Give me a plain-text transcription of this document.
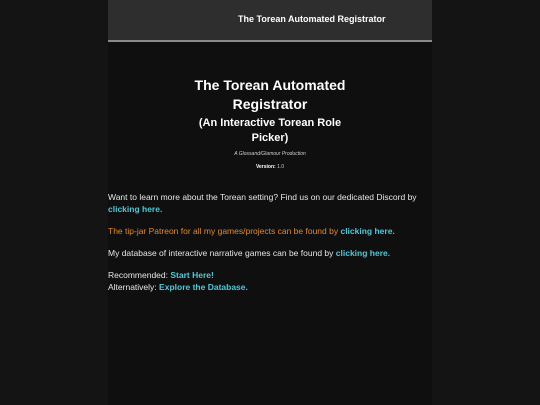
The Torean Automated Registrator

The Torean Automated
Registrator

(An Interactive Torean Role
Picker)

A Glossand/Glamour Production
Version: 1.0

Want to learn more about the Torean setting? Find us on our dedicated Discord by clicking here.

The tip-jar Patreon for all my games/projects can be found by clicking here.

My database of interactive narrative games can be found by clicking here.

Recommended: Start Here!

Alternatively: Explore the Database.
